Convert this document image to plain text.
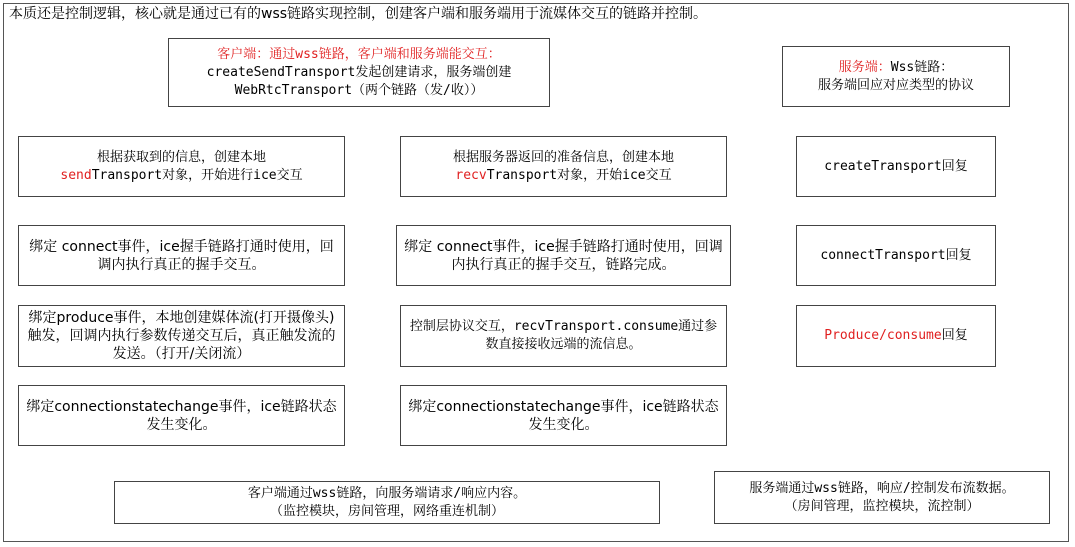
本质还是控制逻辑，核心就是通过已有的wss链路实现控制，创建客户端和服务端用于流媒体交互的链路并控制。
客户端：通过wss链路，客户端和服务端能交互：
createSendTransport发起创建请求，服务端创建
WebRtcTransport（两个链路（发/收））
服务端：Wss链路：
服务端回应对应类型的协议
根据获取到的信息，创建本地
sendTransport对象，开始进行ice交互
绑定 connect事件，ice握手链路打通时使用，回调内执行真正的握手交互。
绑定produce事件，本地创建媒体流(打开摄像头)触发，回调内执行参数传递交互后，真正触发流的发送。（打开/关闭流）
绑定connectionstatechange事件，ice链路状态发生变化。
根据服务器返回的准备信息，创建本地
recvTransport对象，开始ice交互
绑定 connect事件，ice握手链路打通时使用，回调内执行真正的握手交互，链路完成。
控制层协议交互，recvTransport.consume通过参数直接接收远端的流信息。
绑定connectionstatechange事件，ice链路状态发生变化。
createTransport回复
connectTransport回复
Produce/consume回复
客户端通过wss链路，向服务端请求/响应内容。
（监控模块，房间管理，网络重连机制）
服务端通过wss链路，响应/控制发布流数据。
（房间管理，监控模块，流控制）
